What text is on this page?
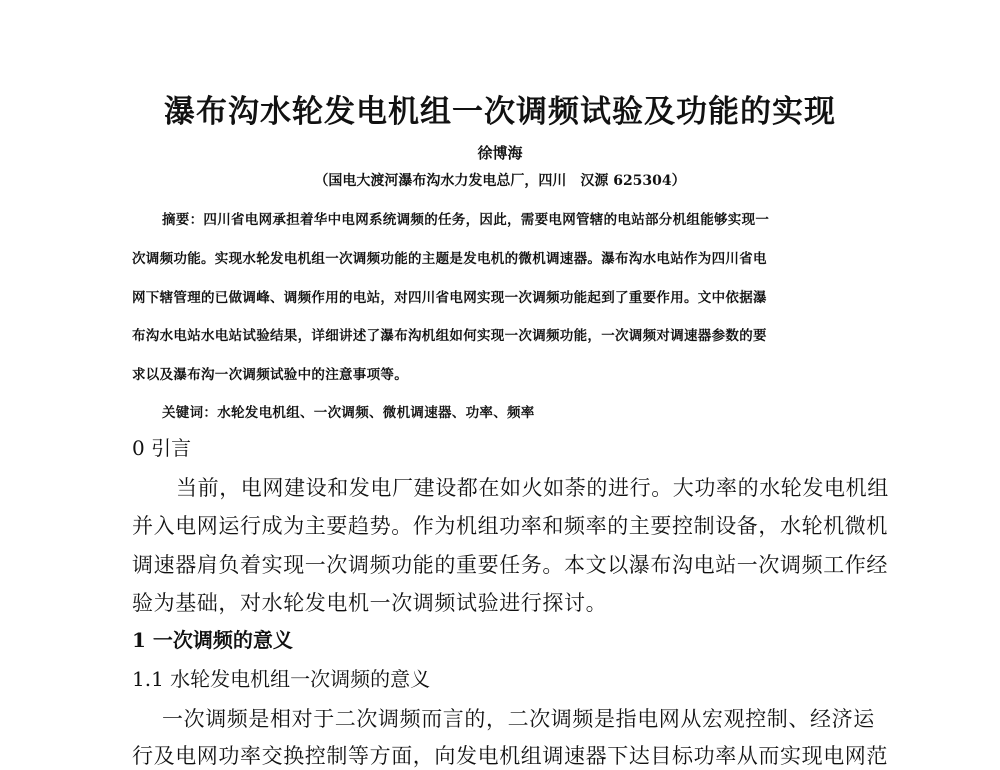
瀑布沟水轮发电机组一次调频试验及功能的实现
徐博海
（国电大渡河瀑布沟水力发电总厂，四川　汉源 625304）
摘要：四川省电网承担着华中电网系统调频的任务，因此，需要电网管辖的电站部分机组能够实现一
次调频功能。实现水轮发电机组一次调频功能的主题是发电机的微机调速器。瀑布沟水电站作为四川省电
网下辖管理的已做调峰、调频作用的电站，对四川省电网实现一次调频功能起到了重要作用。文中依据瀑
布沟水电站水电站试验结果，详细讲述了瀑布沟机组如何实现一次调频功能，一次调频对调速器参数的要
求以及瀑布沟一次调频试验中的注意事项等。
关键词：水轮发电机组、一次调频、微机调速器、功率、频率
0 引言
当前，电网建设和发电厂建设都在如火如荼的进行。大功率的水轮发电机组
并入电网运行成为主要趋势。作为机组功率和频率的主要控制设备，水轮机微机
调速器肩负着实现一次调频功能的重要任务。本文以瀑布沟电站一次调频工作经
验为基础，对水轮发电机一次调频试验进行探讨。
1 一次调频的意义
1.1 水轮发电机组一次调频的意义
一次调频是相对于二次调频而言的，二次调频是指电网从宏观控制、经济运
行及电网功率交换控制等方面，向发电机组调速器下达目标功率从而实现电网范
